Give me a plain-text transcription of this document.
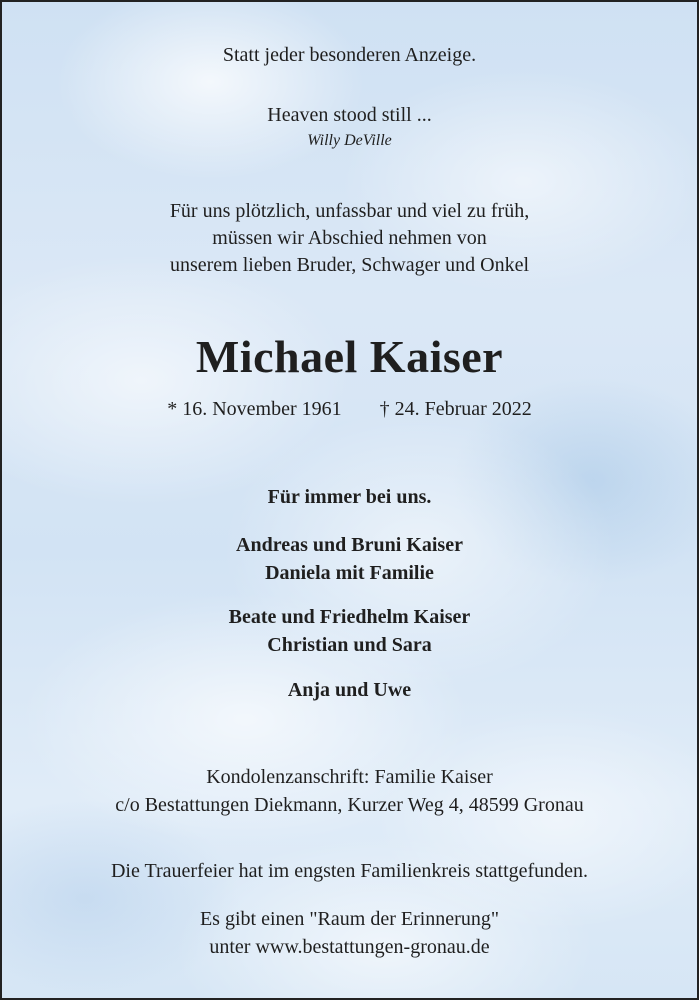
Statt jeder besonderen Anzeige.
Heaven stood still ...
Willy DeVille
Für uns plötzlich, unfassbar und viel zu früh,
müssen wir Abschied nehmen von
unserem lieben Bruder, Schwager und Onkel
Michael Kaiser
* 16. November 1961 † 24. Februar 2022
Für immer bei uns.
Andreas und Bruni Kaiser
Daniela mit Familie
Beate und Friedhelm Kaiser
Christian und Sara
Anja und Uwe
Kondolenzanschrift: Familie Kaiser
c/o Bestattungen Diekmann, Kurzer Weg 4, 48599 Gronau
Die Trauerfeier hat im engsten Familienkreis stattgefunden.
Es gibt einen "Raum der Erinnerung"
unter www.bestattungen-gronau.de
